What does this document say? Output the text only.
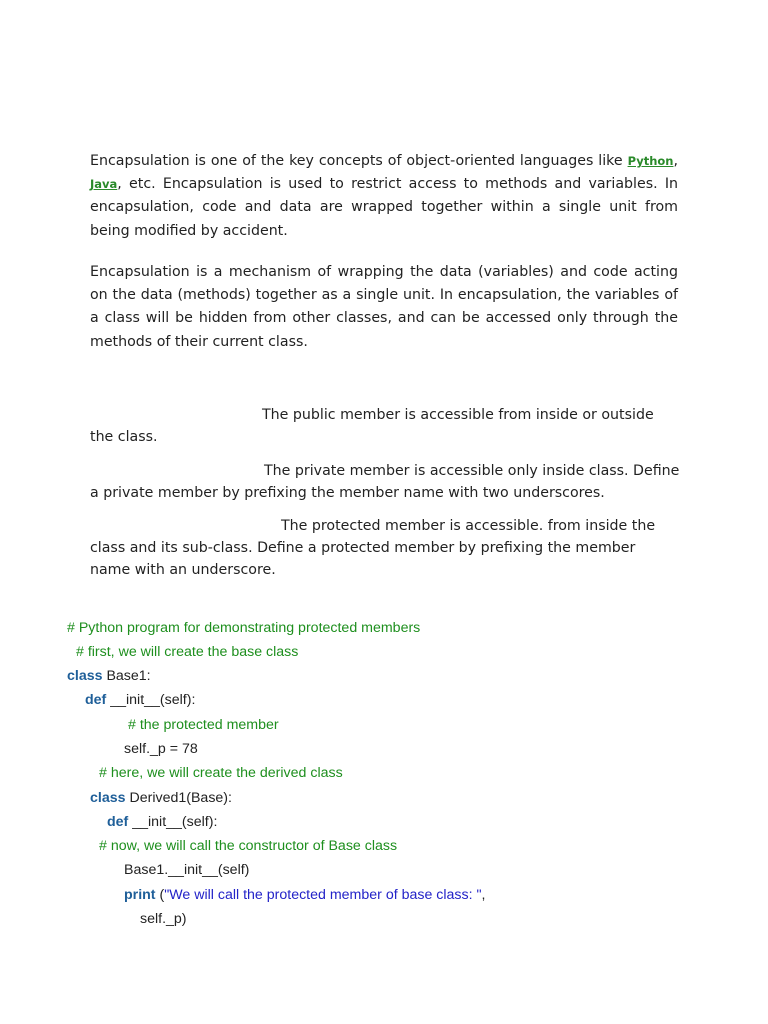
Encapsulation is one of the key concepts of object-oriented languages like Python, Java, etc. Encapsulation is used to restrict access to methods and variables. In encapsulation, code and data are wrapped together within a single unit from being modified by accident.

Encapsulation is a mechanism of wrapping the data (variables) and code acting on the data (methods) together as a single unit. In encapsulation, the variables of a class will be hidden from other classes, and can be accessed only through the methods of their current class.

The public member is accessible from inside or outside the class.

The private member is accessible only inside class. Define a private member by prefixing the member name with two underscores.

The protected member is accessible. from inside the class and its sub-class. Define a protected member by prefixing the member name with an underscore.

# Python program for demonstrating protected members
# first, we will create the base class
class Base1:
def __init__(self):
# the protected member
self._p = 78
# here, we will create the derived class
class Derived1(Base):
def __init__(self):
# now, we will call the constructor of Base class
Base1.__init__(self)
print ("We will call the protected member of base class: ",
self._p)
